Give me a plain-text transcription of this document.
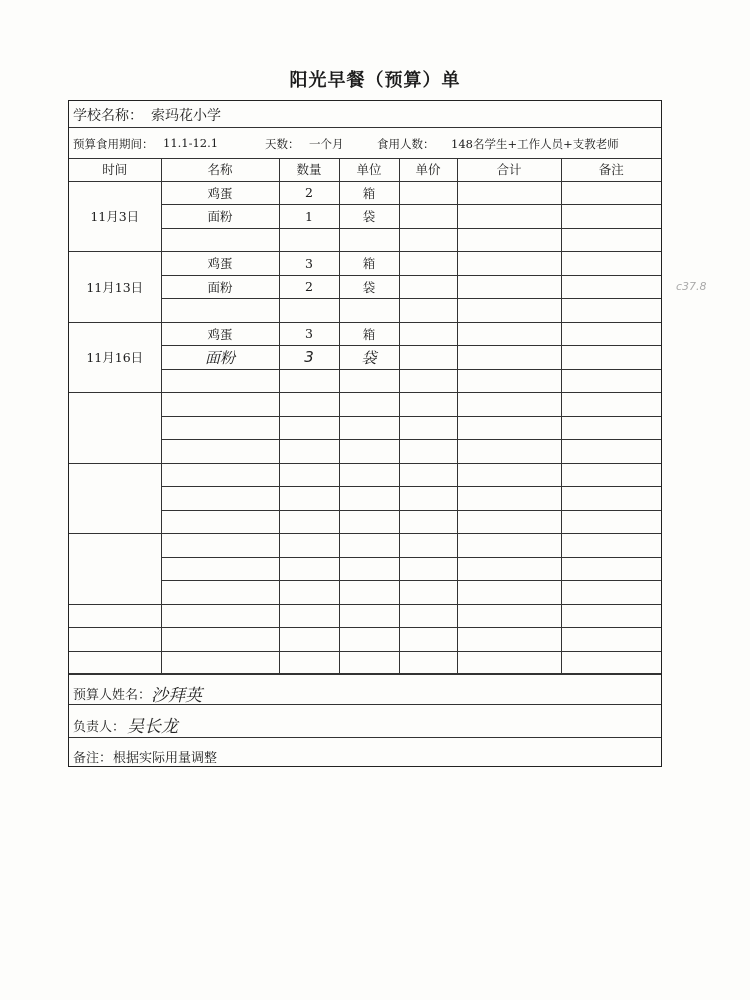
阳光早餐（预算）单
学校名称： 索玛花小学
预算食用期间： 11.1-12.1	天数： 一个月	食用人数： 148名学生+工作人员+支教老师
时间	名称	数量	单位	单价	合计	备注
11月3日	鸡蛋	2	箱			
	面粉	1	袋			

11月13日	鸡蛋	3	箱			
	面粉	2	袋			

11月16日	鸡蛋	3	箱			
	面粉	3	袋			

预算人姓名： 沙拜英
负责人： 吴长龙
备注： 根据实际用量调整
c37.8
